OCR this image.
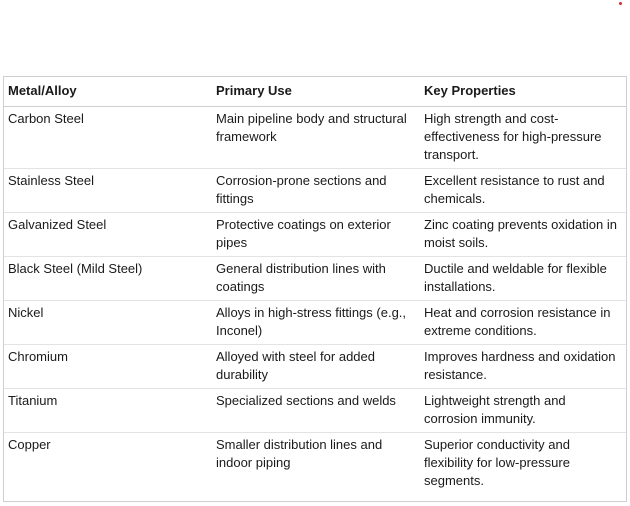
Metal/Alloy	Primary Use	Key Properties
Carbon Steel	Main pipeline body and structural framework	High strength and cost-effectiveness for high-pressure transport.
Stainless Steel	Corrosion-prone sections and fittings	Excellent resistance to rust and chemicals.
Galvanized Steel	Protective coatings on exterior pipes	Zinc coating prevents oxidation in moist soils.
Black Steel (Mild Steel)	General distribution lines with coatings	Ductile and weldable for flexible installations.
Nickel	Alloys in high-stress fittings (e.g., Inconel)	Heat and corrosion resistance in extreme conditions.
Chromium	Alloyed with steel for added durability	Improves hardness and oxidation resistance.
Titanium	Specialized sections and welds	Lightweight strength and corrosion immunity.
Copper	Smaller distribution lines and indoor piping	Superior conductivity and flexibility for low-pressure segments.
